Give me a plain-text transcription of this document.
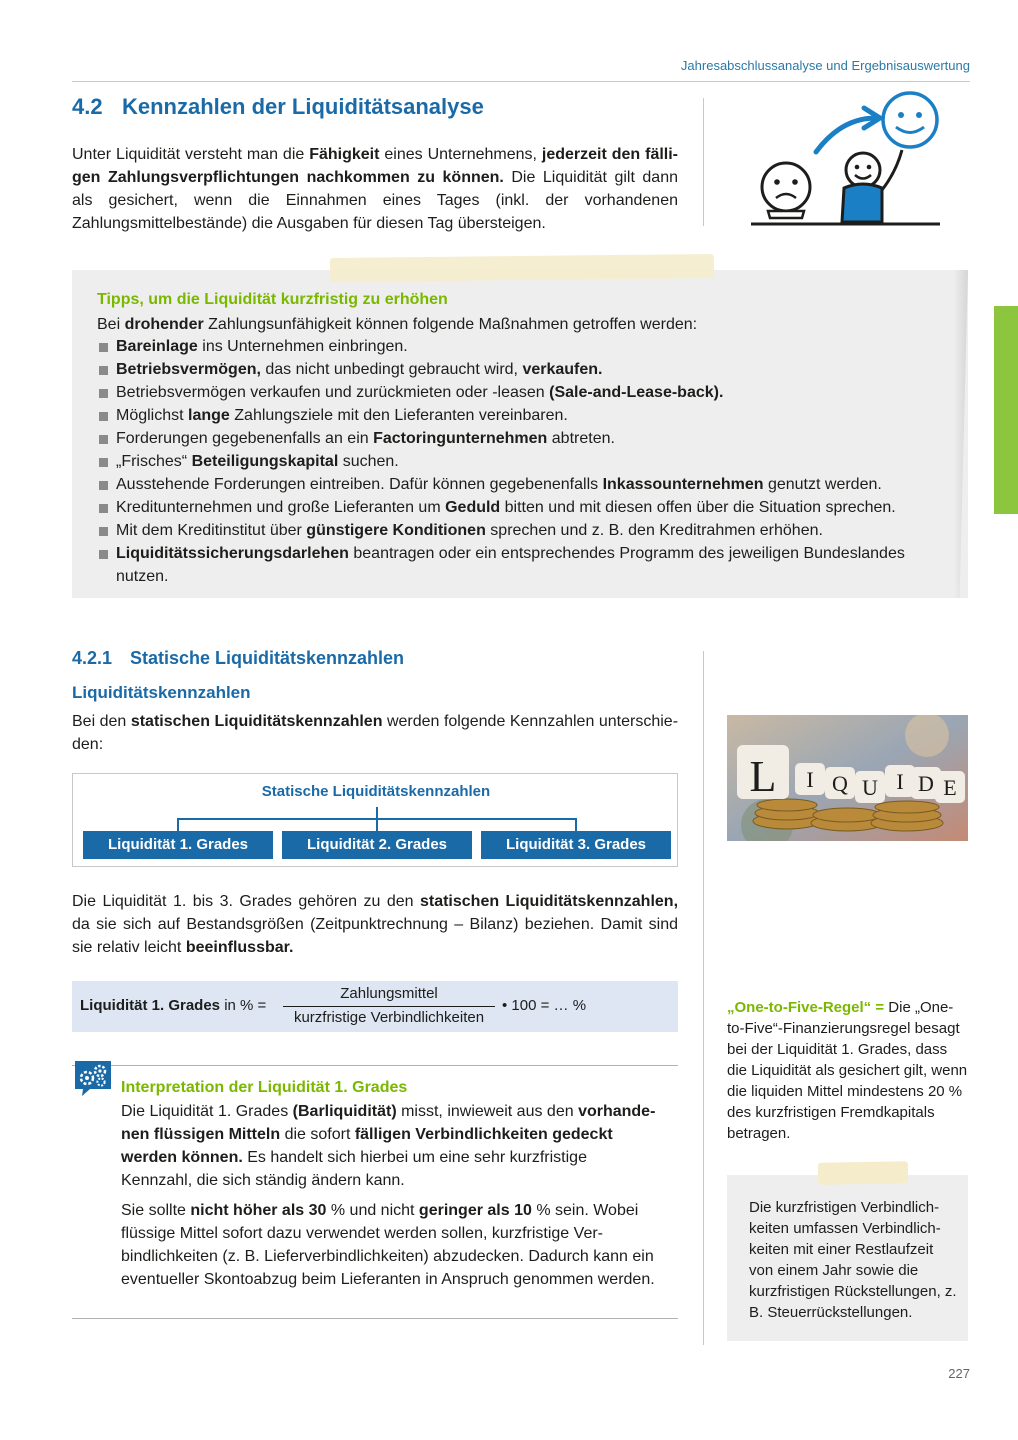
Jahresabschlussanalyse und Ergebnisauswertung
4.2 Kennzahlen der Liquiditätsanalyse

Unter Liquidität versteht man die Fähigkeit eines Unternehmens, jederzeit den fälligen Zahlungsverpflichtungen nachkommen zu können. Die Liquidität gilt dann als gesichert, wenn die Einnahmen eines Tages (inkl. der vorhandenen Zahlungsmittelbestände) die Ausgaben für diesen Tag übersteigen.

Tipps, um die Liquidität kurzfristig zu erhöhen
Bei drohender Zahlungsunfähigkeit können folgende Maßnahmen getroffen werden:
Bareinlage ins Unternehmen einbringen.
Betriebsvermögen, das nicht unbedingt gebraucht wird, verkaufen.
Betriebsvermögen verkaufen und zurückmieten oder -leasen (Sale-and-Lease-back).
Möglichst lange Zahlungsziele mit den Lieferanten vereinbaren.
Forderungen gegebenenfalls an ein Factoringunternehmen abtreten.
„Frisches“ Beteiligungskapital suchen.
Ausstehende Forderungen eintreiben. Dafür können gegebenenfalls Inkassounternehmen genutzt werden.
Kreditunternehmen und große Lieferanten um Geduld bitten und mit diesen offen über die Situation sprechen.
Mit dem Kreditinstitut über günstigere Konditionen sprechen und z. B. den Kreditrahmen erhöhen.
Liquiditätssicherungsdarlehen beantragen oder ein entsprechendes Programm des jeweiligen Bundeslandes nutzen.
4.2.1 Statische Liquiditätskennzahlen
Liquiditätskennzahlen

Bei den statischen Liquiditätskennzahlen werden folgende Kennzahlen unterschieden:

Statische Liquiditätskennzahlen
Liquidität 1. Grades	Liquidität 2. Grades	Liquidität 3. Grades

Die Liquidität 1. bis 3. Grades gehören zu den statischen Liquiditätskennzahlen, da sie sich auf Bestandsgrößen (Zeitpunktrechnung – Bilanz) beziehen. Damit sind sie relativ leicht beeinflussbar.

Liquidität 1. Grades in % =
Zahlungsmittel
kurzfristige Verbindlichkeiten
• 100 = … %
Interpretation der Liquidität 1. Grades

Die Liquidität 1. Grades (Barliquidität) misst, inwieweit aus den vorhandenen flüssigen Mitteln die sofort fälligen Verbindlichkeiten gedeckt werden können. Es handelt sich hierbei um eine sehr kurzfristige Kennzahl, die sich ständig ändern kann.

Sie sollte nicht höher als 30 % und nicht geringer als 10 % sein. Wobei flüssige Mittel sofort dazu verwendet werden sollen, kurzfristige Verbindlichkeiten (z. B. Lieferverbindlichkeiten) abzudecken. Dadurch kann ein eventueller Skontoabzug beim Lieferanten in Anspruch genommen werden.

L I Q U I D E

„One-to-Five-Regel“ = Die „One-to-Five“-Finanzierungsregel besagt bei der Liquidität 1. Grades, dass die Liquidität als gesichert gilt, wenn die liquiden Mittel mindestens 20 % des kurzfristigen Fremdkapitals betragen.

Die kurzfristigen Verbindlichkeiten umfassen Verbindlichkeiten mit einer Restlaufzeit von einem Jahr sowie die kurzfristigen Rückstellungen, z. B. Steuerrückstellungen.

227
